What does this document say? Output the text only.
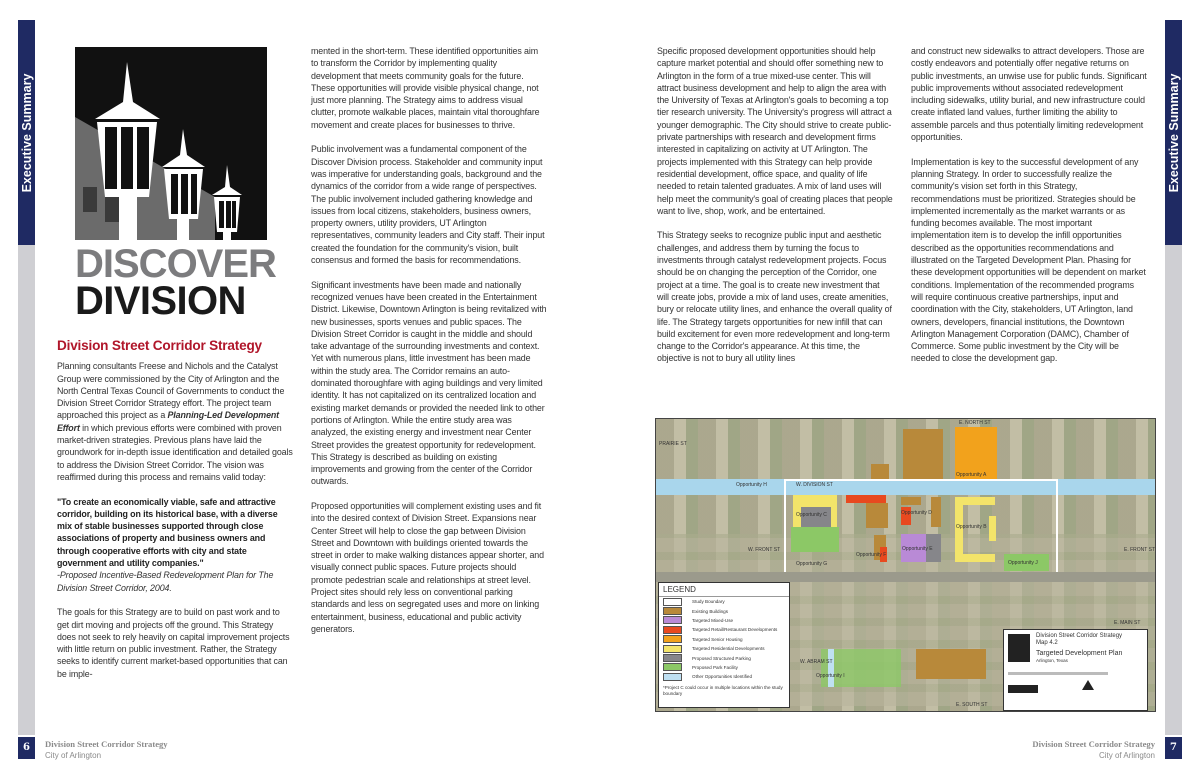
Executive Summary
6	Division Street Corridor Strategy
City of Arlington
Executive Summary
7
Division Street Corridor Strategy
City of Arlington
DISCOVER
DIVISION
Division Street Corridor Strategy

Planning consultants Freese and Nichols and the Catalyst Group were commissioned by the City of Arlington and the North Central Texas Council of Governments to conduct the Division Street Corridor Strategy effort. The project team approached this project as a Planning-Led Development Effort in which previous efforts were combined with proven market-driven strategies. Previous plans have laid the groundwork for in-depth issue identification and detailed goals to address the Division Street Corridor. The vision was reaffirmed during this process and remains valid today:

"To create an economically viable, safe and attractive corridor, building on its historical base, with a diverse mix of stable businesses supported through close associations of property and business owners and through cooperative efforts with city and state government and utility companies."

-Proposed Incentive-Based Redevelopment Plan for The Division Street Corridor, 2004.

The goals for this Strategy are to build on past work and to get dirt moving and projects off the ground. This Strategy does not seek to rely heavily on capital improvement projects with little return on public investment. Rather, the Strategy seeks to identify current market-based opportunities that can be imple-

mented in the short-term. These identified opportunities aim to transform the Corridor by implementing quality development that meets community goals for the future. These opportunities will provide visible physical change, not just more planning. The Strategy aims to address visual clutter, promote walkable places, maintain vital thoroughfare movement and create places for businesses to thrive.

Public involvement was a fundamental component of the Discover Division process. Stakeholder and community input was imperative for understanding goals, background and the dynamics of the corridor from a wide range of perspectives. The public involvement included gathering knowledge and issues from local citizens, stakeholders, business owners, property owners, utility providers, UT Arlington representatives, community leaders and City staff. Their input created the foundation for the community's vision, built consensus and formed the basis for recommendations.

Significant investments have been made and nationally recognized venues have been created in the Entertainment District. Likewise, Downtown Arlington is being revitalized with new businesses, sports venues and public spaces. The Division Street Corridor is caught in the middle and should take advantage of the surrounding investments and context. Yet with numerous plans, little investment has been made within the study area. The Corridor remains an auto-dominated thoroughfare with aging buildings and very limited identity. It has not capitalized on its centralized location and existing market demands or provided the needed link to other portions of Arlington. While the entire study area was analyzed, the existing energy and investment near Center Street provides the greatest opportunity for redevelopment. This Strategy is described as building on existing improvements and growing from the center of the Corridor outwards.

Proposed opportunities will complement existing uses and fit into the desired context of Division Street. Expansions near Center Street will help to close the gap between Division Street and Downtown with buildings oriented towards the street in order to make walking distances appear shorter, and visually connect public spaces. Future projects should promote pedestrian scale and relationships at street level. Project sites should rely less on conventional parking standards and less on segregated uses and more on linking entertainment, business, educational and public activity generators.

Specific proposed development opportunities should help capture market potential and should offer something new to Arlington in the form of a true mixed-use center. This will attract business development and help to align the area with the University of Texas at Arlington's goals to becoming a top tier research university. The University's progress will attract a younger demographic. The City should strive to create public-private partnerships with research and development firms interested in capitalizing on activity at UT Arlington. The projects implemented with this Strategy can help provide residential development, office space, and quality of life needed to retain talented graduates. A mix of land uses will help meet the community's goal of creating places that people want to live, shop, work, and be entertained.

This Strategy seeks to recognize public input and aesthetic challenges, and address them by turning the focus to investments through catalyst redevelopment projects. Focus should be on changing the perception of the Corridor, one project at a time. The goal is to create new investment that will create jobs, provide a mix of land uses, create amenities, bury or relocate utility lines, and enhance the overall quality of life. The Strategy targets opportunities for new infill that can build excitement for even more redevelopment and long-term change to the Corridor's appearance. At this time, the objective is not to bury all utility lines

and construct new sidewalks to attract developers. Those are costly endeavors and potentially offer negative returns on public investments, an unwise use for public funds. Significant public improvements without associated redevelopment including sidewalks, utility burial, and new infrastructure could create inflated land values, further limiting the ability to assemble parcels and thus potentially limiting redevelopment opportunities.

Implementation is key to the successful development of any planning Strategy. In order to successfully realize the community's vision set forth in this Strategy, recommendations must be prioritized. Strategies should be implemented incrementally as the market warrants or as funding becomes available. The most important implementation item is to develop the infill opportunities described as the opportunities recommendations and illustrated on the Targeted Development Plan. Phasing for these development opportunities will be dependent on market conditions. Implementation of the recommended programs will require continuous creative partnerships, input and coordination with the City, stakeholders, UT Arlington, land owners, developers, financial institutions, the Downtown Arlington Management Corporation (DAMC), Chamber of Commerce. Some public investment by the City will be needed to close the development gap.

PRAIRIE ST
W. DIVISION ST
E. NORTH ST
W. FRONT ST	E. FRONT ST
E. MAIN ST
W. ABRAM ST
E. SOUTH ST
Opportunity A
Opportunity B
Opportunity C	Opportunity D
Opportunity E
Opportunity F
Opportunity G
Opportunity H
Opportunity I
Opportunity J
LEGEND
Study Boundary
Existing Buildings
Targeted Mixed-Use
Targeted Retail/Restaurant Developments
Targeted Senior Housing
Targeted Residential Developments
Proposed Structured Parking
Proposed Park Facility
Other Opportunities Identified
*Project C could occur in multiple locations within the study boundary
Division Street Corridor Strategy
Map 4.2
Targeted Development Plan
Arlington, Texas
